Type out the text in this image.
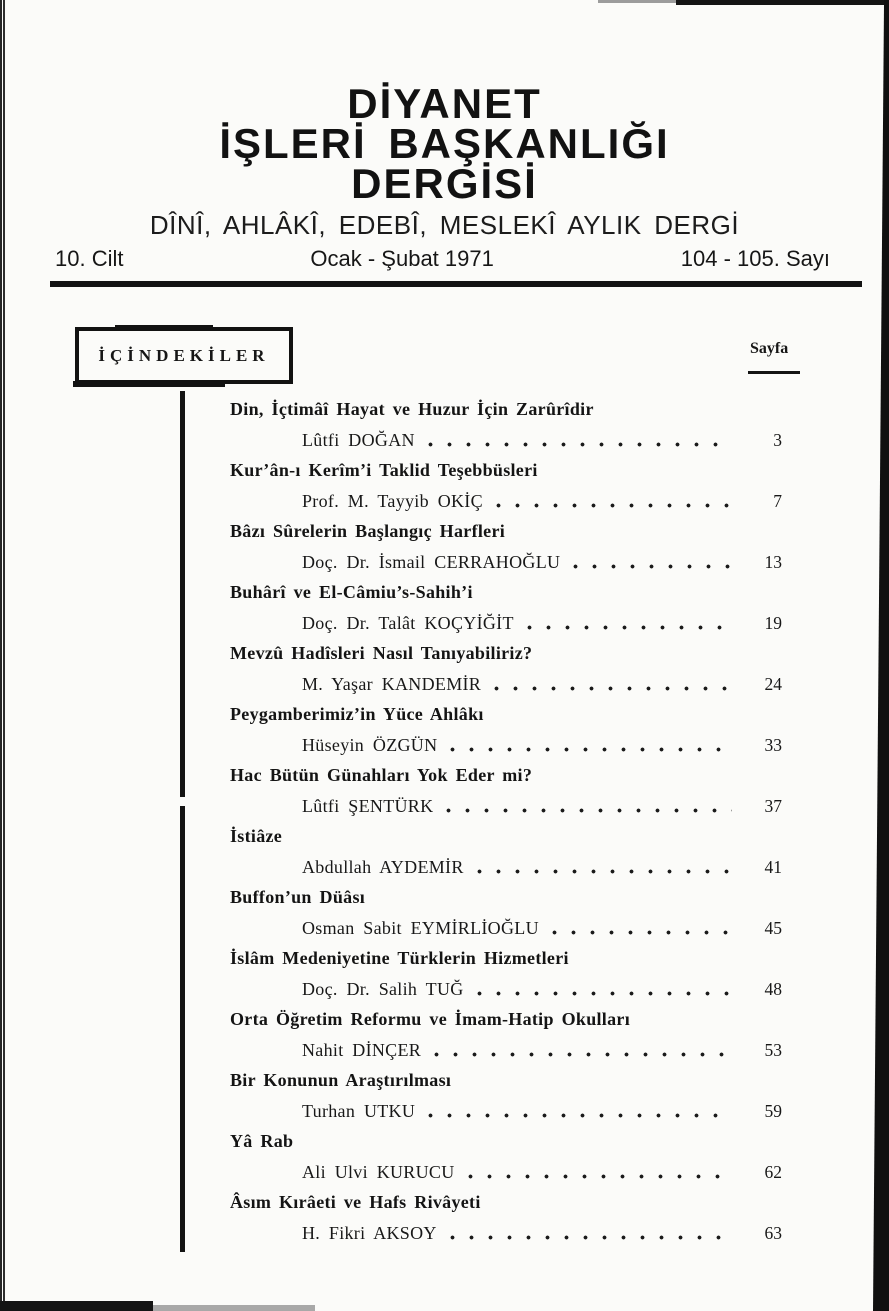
DİYANET
İŞLERİ BAŞKANLIĞI
DERGİSİ
DÎNÎ, AHLÂKÎ, EDEBÎ, MESLEKÎ AYLIK DERGİ
10. Cilt	Ocak - Şubat 1971	104 - 105. Sayı
İÇİNDEKİLER	Sayfa
Din, İçtimâî Hayat ve Huzur İçin Zarûrîdir
Lûtfi DOĞAN	3
Kur’ân-ı Kerîm’i Taklid Teşebbüsleri
Prof. M. Tayyib OKİÇ	7
Bâzı Sûrelerin Başlangıç Harfleri
Doç. Dr. İsmail CERRAHOĞLU	13
Buhârî ve El-Câmiu’s-Sahih’i
Doç. Dr. Talât KOÇYİĞİT	19
Mevzû Hadîsleri Nasıl Tanıyabiliriz?
M. Yaşar KANDEMİR	24
Peygamberimiz’in Yüce Ahlâkı
Hüseyin ÖZGÜN	33
Hac Bütün Günahları Yok Eder mi?
Lûtfi ŞENTÜRK	37
İstiâze
Abdullah AYDEMİR	41
Buffon’un Düâsı
Osman Sabit EYMİRLİOĞLU	45
İslâm Medeniyetine Türklerin Hizmetleri
Doç. Dr. Salih TUĞ	48
Orta Öğretim Reformu ve İmam-Hatip Okulları
Nahit DİNÇER	53
Bir Konunun Araştırılması
Turhan UTKU	59
Yâ Rab
Ali Ulvi KURUCU	62
Âsım Kırâeti ve Hafs Rivâyeti
H. Fikri AKSOY	63
